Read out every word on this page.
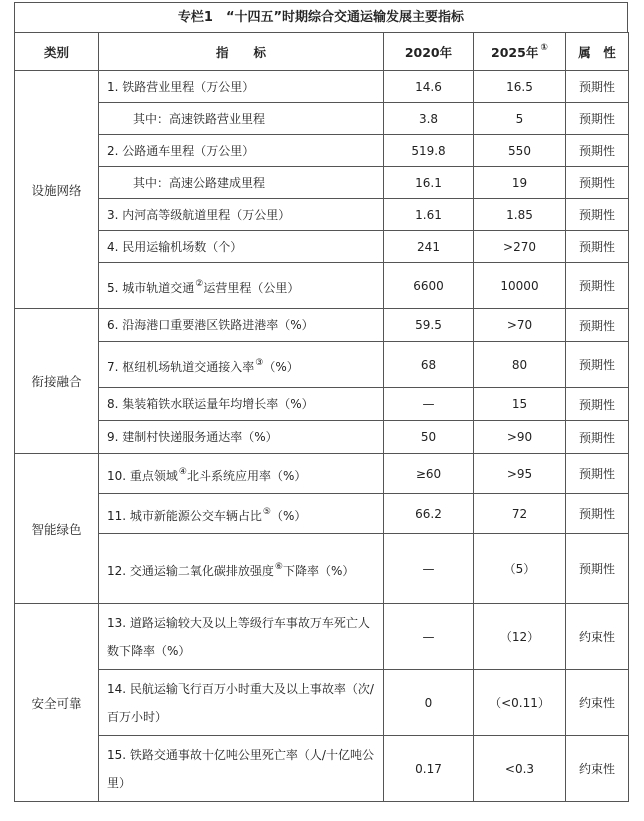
专栏1　“十四五”时期综合交通运输发展主要指标
类别	指　　标	2020年	2025年 ①	属　性
设施网络	1. 铁路营业里程（万公里）	14.6	16.5	预期性
	其中：高速铁路营业里程	3.8	5	预期性
	2. 公路通车里程（万公里）	519.8	550	预期性
	其中：高速公路建成里程	16.1	19	预期性
	3. 内河高等级航道里程（万公里）	1.61	1.85	预期性
	4. 民用运输机场数（个）	241	>270	预期性
	5. 城市轨道交通②运营里程（公里）	6600	10000	预期性
衔接融合	6. 沿海港口重要港区铁路进港率（%）	59.5	>70	预期性
	7. 枢纽机场轨道交通接入率③（%）	68	80	预期性
	8. 集装箱铁水联运量年均增长率（%）	—	15	预期性
	9. 建制村快递服务通达率（%）	50	>90	预期性
智能绿色	10. 重点领域④北斗系统应用率（%）	≥60	>95	预期性
	11. 城市新能源公交车辆占比⑤（%）	66.2	72	预期性
	12. 交通运输二氧化碳排放强度⑥下降率（%）	—	（5）	预期性
安全可靠	13. 道路运输较大及以上等级行车事故万车死亡人数下降率（%）	—	（12）	约束性
	14. 民航运输飞行百万小时重大及以上事故率（次/百万小时）	0	（<0.11）	约束性
	15. 铁路交通事故十亿吨公里死亡率（人/十亿吨公里）	0.17	<0.3	约束性
